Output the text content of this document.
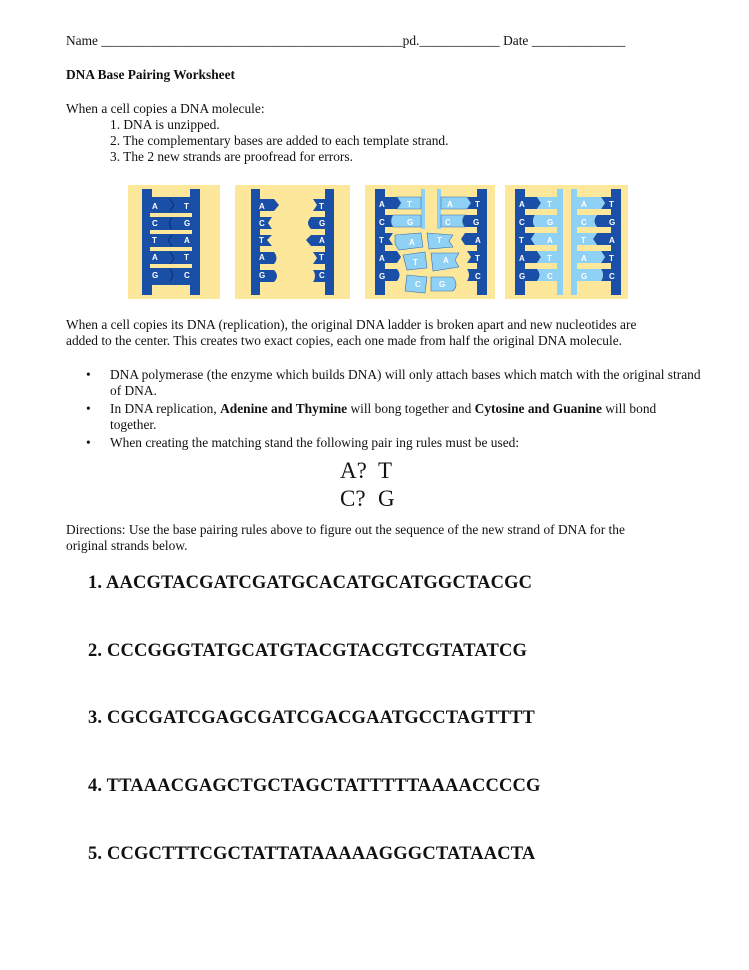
Name _____________________________________________pd.____________ Date ______________
DNA Base Pairing Worksheet
When a cell copies a DNA molecule:
1. DNA is unzipped.
2. The complementary bases are added to each template strand.
3. The 2 new strands are proofread for errors.
A	T
C	G
T	A
A	T
G	C
A	T
C	G
T	A
A	T
G	C
A	T	A	T
C	G	C	G
T	A	T	A
A	T	A	T
G
C G
C
A	T	A	T
C	G	C	G
T	A	T	A
A	T	A	T
G	C	G	C
When a cell copies its DNA (replication), the original DNA ladder is broken apart and new nucleotides are
added to the center. This creates two exact copies, each one made from half the original DNA molecule.
• DNA polymerase (the enzyme which builds DNA) will only attach bases which match with the original strand of DNA.
• In DNA replication, Adenine and Thymine will bong together and Cytosine and Guanine will bond together.
• When creating the matching stand the following pair ing rules must be used:
A? T
C? G
Directions: Use the base pairing rules above to figure out the sequence of the new strand of DNA for the
original strands below.
1. AACGTACGATCGATGCACATGCATGGCTACGC
2. CCCGGGTATGCATGTACGTACGTCGTATATCG
3. CGCGATCGAGCGATCGACGAATGCCTAGTTTT
4. TTAAACGAGCTGCTAGCTATTTTTAAAACCCCG
5. CCGCTTTCGCTATTATAAAAAGGGCTATAACTA
